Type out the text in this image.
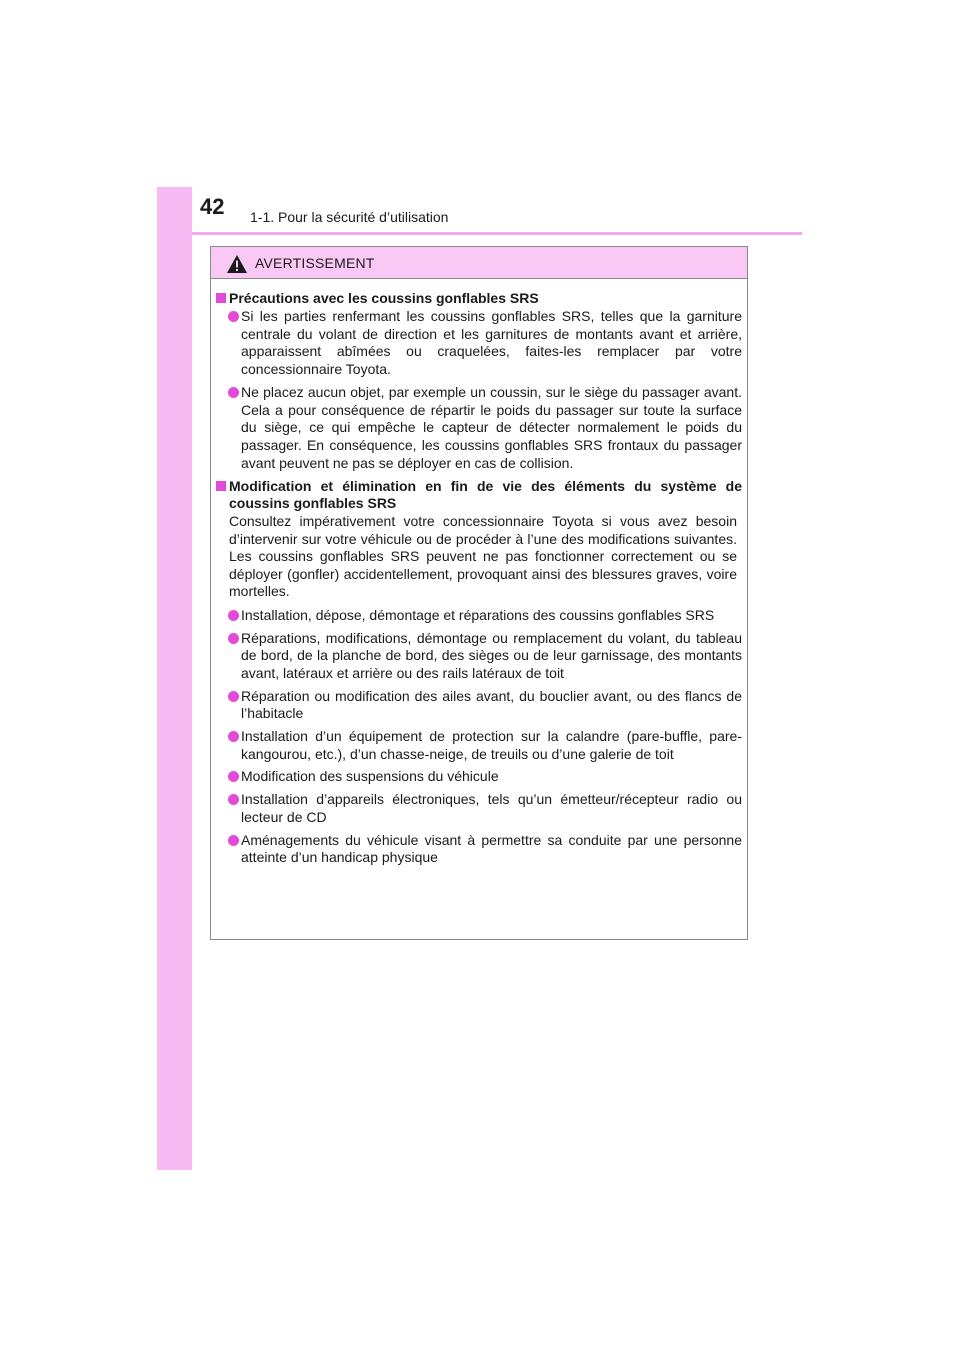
42 1-1. Pour la sécurité d’utilisation
AVERTISSEMENT
Précautions avec les coussins gonflables SRS
Si les parties renfermant les coussins gonflables SRS, telles que la garniture centrale du volant de direction et les garnitures de montants avant et arrière, apparaissent abîmées ou craquelées, faites-les remplacer par votre concessionnaire Toyota.
Ne placez aucun objet, par exemple un coussin, sur le siège du passager avant. Cela a pour conséquence de répartir le poids du passager sur toute la surface du siège, ce qui empêche le capteur de détecter normalement le poids du passager. En conséquence, les coussins gonflables SRS frontaux du passager avant peuvent ne pas se déployer en cas de collision.
Modification et élimination en fin de vie des éléments du système de coussins gonflables SRS
Consultez impérativement votre concessionnaire Toyota si vous avez besoin d’intervenir sur votre véhicule ou de procéder à l’une des modifications suivantes. Les coussins gonflables SRS peuvent ne pas fonctionner correctement ou se déployer (gonfler) accidentellement, provoquant ainsi des blessures graves, voire mortelles.
Installation, dépose, démontage et réparations des coussins gonflables SRS
Réparations, modifications, démontage ou remplacement du volant, du tableau de bord, de la planche de bord, des sièges ou de leur garnissage, des montants avant, latéraux et arrière ou des rails latéraux de toit
Réparation ou modification des ailes avant, du bouclier avant, ou des flancs de l’habitacle
Installation d’un équipement de protection sur la calandre (pare-buffle, pare-kangourou, etc.), d’un chasse-neige, de treuils ou d’une galerie de toit
Modification des suspensions du véhicule
Installation d’appareils électroniques, tels qu’un émetteur/récepteur radio ou lecteur de CD
Aménagements du véhicule visant à permettre sa conduite par une personne atteinte d’un handicap physique
